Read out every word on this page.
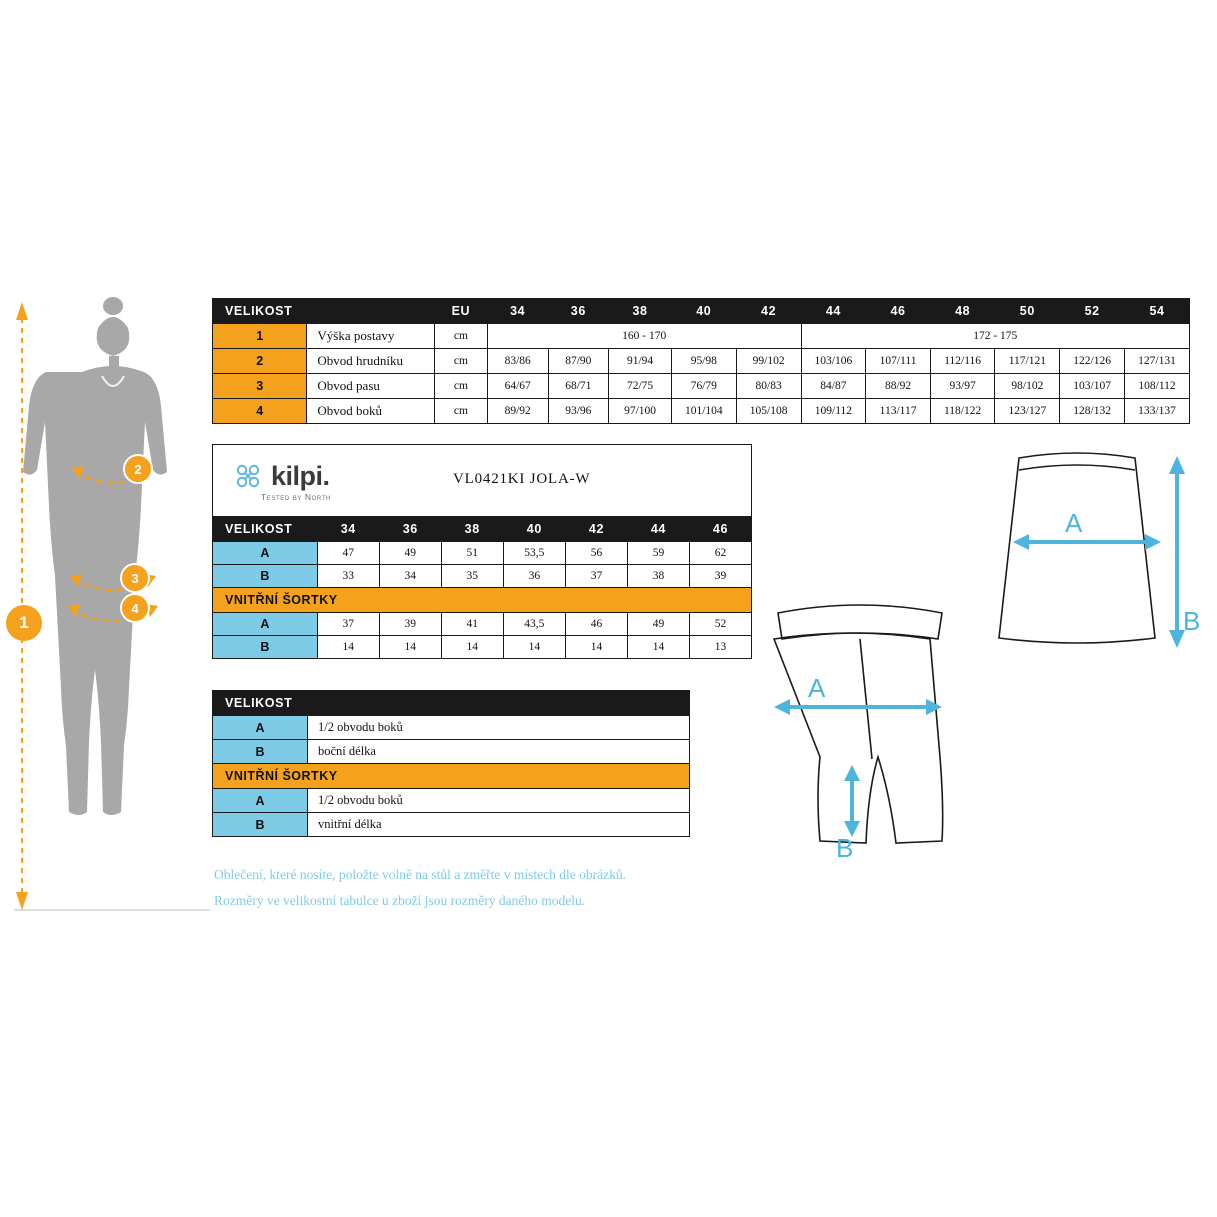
2
3
4
1
VELIKOST		EU	34	36	38	40	42	44	46	48	50	52	54
1	Výška postavy	cm	160 - 170					172 - 175					
2	Obvod hrudníku	cm	83/86	87/90	91/94	95/98	99/102	103/106	107/111	112/116	117/121	122/126	127/131
3	Obvod pasu	cm	64/67	68/71	72/75	76/79	80/83	84/87	88/92	93/97	98/102	103/107	108/112
4	Obvod boků	cm	89/92	93/96	97/100	101/104	105/108	109/112	113/117	118/122	123/127	128/132	133/137
kilpi.
Tested by North
VL0421KI JOLA-W
VELIKOST	34	36	38	40	42	44	46
A	47	49	51	53,5	56	59	62
B	33	34	35	36	37	38	39
VNITŘNÍ ŠORTKY							
A	37	39	41	43,5	46	49	52
B	14	14	14	14	14	14	13
VELIKOST	
A	1/2 obvodu boků
B	boční délka
VNITŘNÍ ŠORTKY	
A	1/2 obvodu boků
B	vnitřní délka
Oblečení, které nosíte, položte volně na stůl a změřte v místech dle obrázků.
Rozměry ve velikostní tabulce u zboží jsou rozměry daného modelu.
A
B
A
B
